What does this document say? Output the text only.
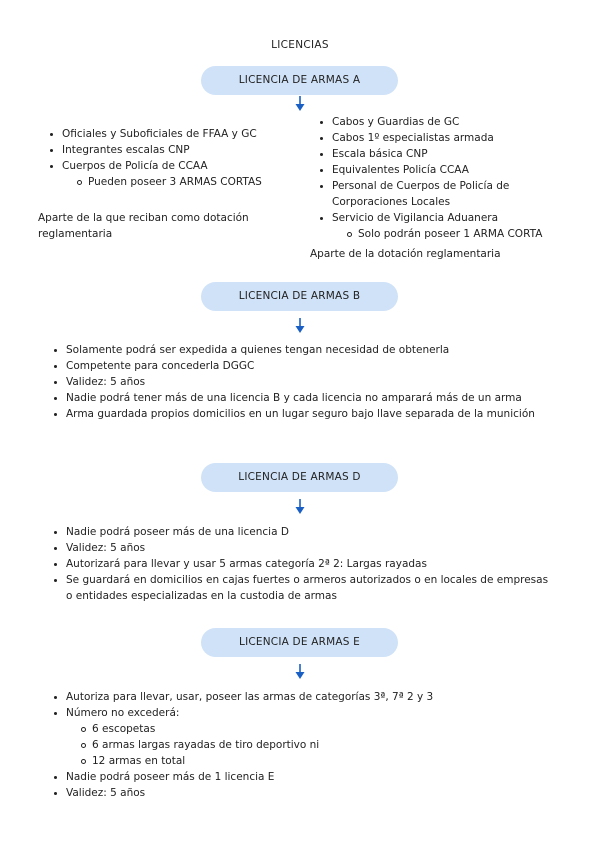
LICENCIAS
LICENCIA DE ARMAS A
Oficiales y Suboficiales de FFAA y GC
Integrantes escalas CNP
Cuerpos de Policía de CCAA
Pueden poseer 3 ARMAS CORTAS
Aparte de la que reciban como dotación reglamentaria
Cabos y Guardias de GC
Cabos 1º especialistas armada
Escala básica CNP
Equivalentes Policía CCAA
Personal de Cuerpos de Policía de Corporaciones Locales
Servicio de Vigilancia Aduanera
Solo podrán poseer 1 ARMA CORTA
Aparte de la dotación reglamentaria
LICENCIA DE ARMAS B
Solamente podrá ser expedida a quienes tengan necesidad de obtenerla
Competente para concederla DGGC
Validez: 5 años
Nadie podrá tener más de una licencia B y cada licencia no amparará más de un arma
Arma guardada propios domicilios en un lugar seguro bajo llave separada de la munición
LICENCIA DE ARMAS D
Nadie podrá poseer más de una licencia D
Validez: 5 años
Autorizará para llevar y usar 5 armas categoría 2ª 2: Largas rayadas
Se guardará en domicilios en cajas fuertes o armeros autorizados o en locales de empresas o entidades especializadas en la custodia de armas
LICENCIA DE ARMAS E
Autoriza para llevar, usar, poseer las armas de categorías 3ª, 7ª 2 y 3
Número no excederá:
6 escopetas
6 armas largas rayadas de tiro deportivo ni
12 armas en total
Nadie podrá poseer más de 1 licencia E
Validez: 5 años
